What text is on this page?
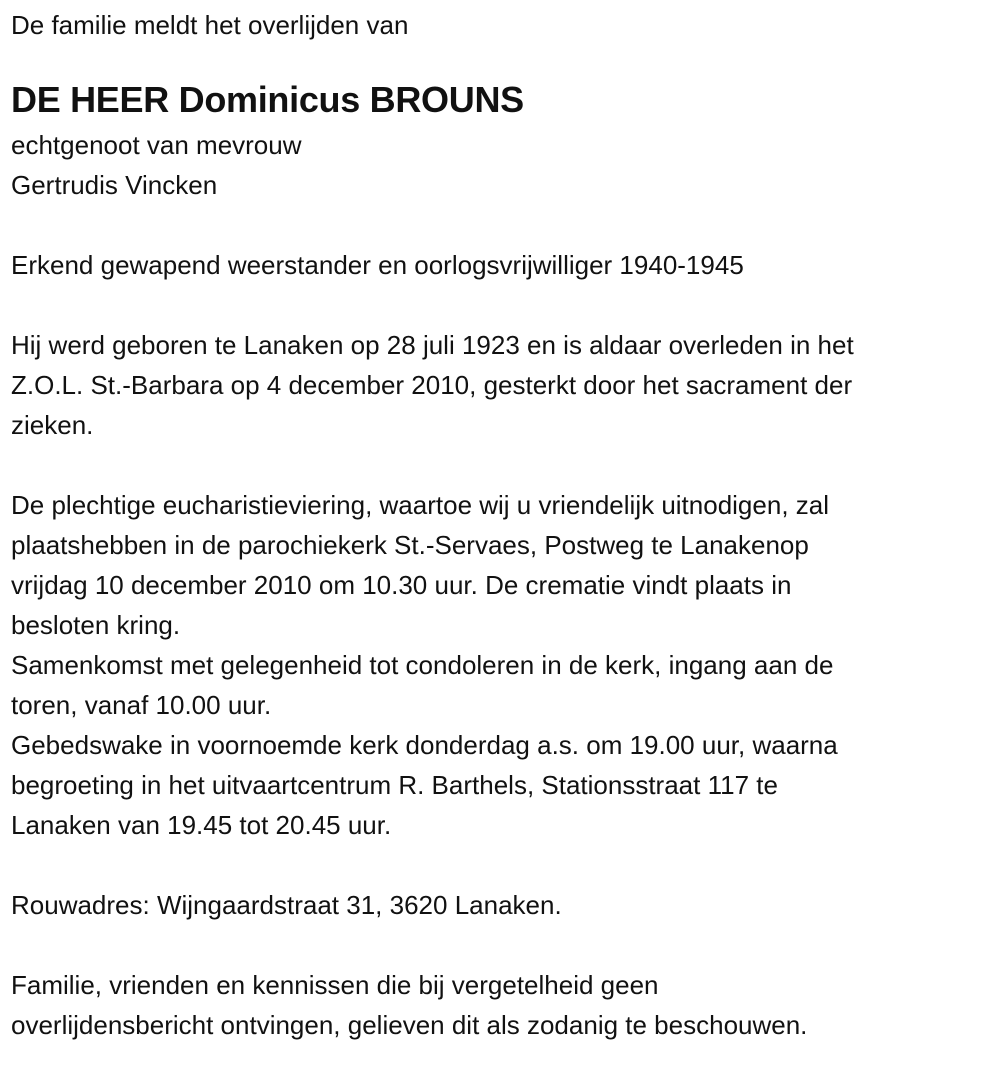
De familie meldt het overlijden van
DE HEER Dominicus BROUNS
echtgenoot van mevrouw
Gertrudis Vincken
Erkend gewapend weerstander en oorlogsvrijwilliger 1940-1945
Hij werd geboren te Lanaken op 28 juli 1923 en is aldaar overleden in het
Z.O.L. St.-Barbara op 4 december 2010, gesterkt door het sacrament der
zieken.
De plechtige eucharistieviering, waartoe wij u vriendelijk uitnodigen, zal
plaatshebben in de parochiekerk St.-Servaes, Postweg te Lanakenop
vrijdag 10 december 2010 om 10.30 uur. De crematie vindt plaats in
besloten kring.
Samenkomst met gelegenheid tot condoleren in de kerk, ingang aan de
toren, vanaf 10.00 uur.
Gebedswake in voornoemde kerk donderdag a.s. om 19.00 uur, waarna
begroeting in het uitvaartcentrum R. Barthels, Stationsstraat 117 te
Lanaken van 19.45 tot 20.45 uur.
Rouwadres: Wijngaardstraat 31, 3620 Lanaken.
Familie, vrienden en kennissen die bij vergetelheid geen
overlijdensbericht ontvingen, gelieven dit als zodanig te beschouwen.
